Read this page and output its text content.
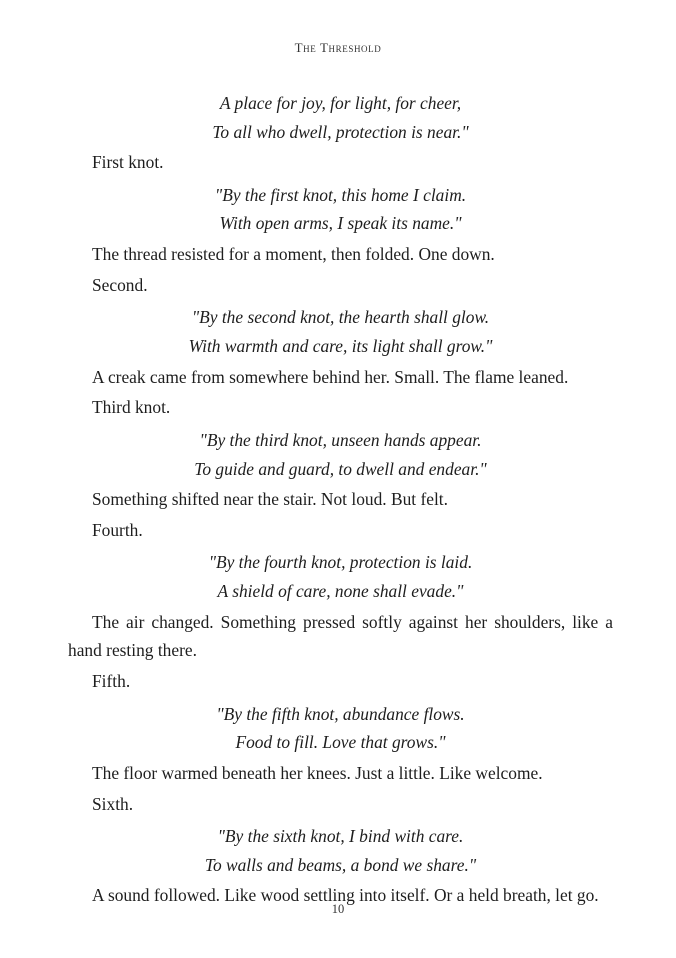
The Threshold
A place for joy, for light, for cheer,
To all who dwell, protection is near."

First knot.

"By the first knot, this home I claim.
With open arms, I speak its name."

The thread resisted for a moment, then folded. One down.

Second.

"By the second knot, the hearth shall glow.
With warmth and care, its light shall grow."

A creak came from somewhere behind her. Small. The flame leaned.

Third knot.

"By the third knot, unseen hands appear.
To guide and guard, to dwell and endear."

Something shifted near the stair. Not loud. But felt.

Fourth.

"By the fourth knot, protection is laid.
A shield of care, none shall evade."

The air changed. Something pressed softly against her shoulders, like a hand resting there.

Fifth.

"By the fifth knot, abundance flows.
Food to fill. Love that grows."

The floor warmed beneath her knees. Just a little. Like welcome.

Sixth.

"By the sixth knot, I bind with care.
To walls and beams, a bond we share."

A sound followed. Like wood settling into itself. Or a held breath, let go.

10
